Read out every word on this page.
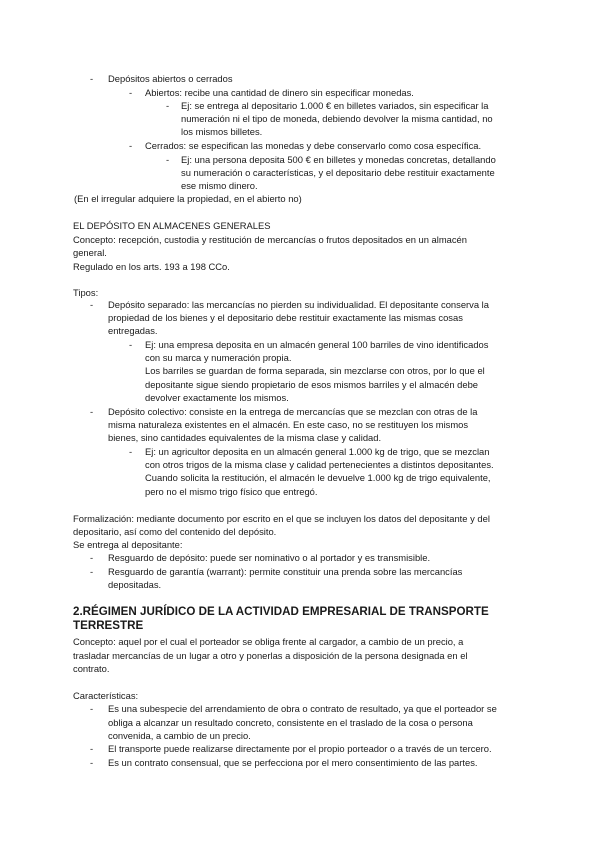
- Depósitos abiertos o cerrados
- Abiertos: recibe una cantidad de dinero sin especificar monedas.
- Ej: se entrega al depositario 1.000 € en billetes variados, sin especificar la
numeración ni el tipo de moneda, debiendo devolver la misma cantidad, no
los mismos billetes.
- Cerrados: se especifican las monedas y debe conservarlo como cosa específica.
- Ej: una persona deposita 500 € en billetes y monedas concretas, detallando
su numeración o características, y el depositario debe restituir exactamente
ese mismo dinero.
(En el irregular adquiere la propiedad, en el abierto no)
EL DEPÓSITO EN ALMACENES GENERALES
Concepto: recepción, custodia y restitución de mercancías o frutos depositados en un almacén
general.
Regulado en los arts. 193 a 198 CCo.
Tipos:
- Depósito separado: las mercancías no pierden su individualidad. El depositante conserva la
propiedad de los bienes y el depositario debe restituir exactamente las mismas cosas
entregadas.
- Ej: una empresa deposita en un almacén general 100 barriles de vino identificados
con su marca y numeración propia.
Los barriles se guardan de forma separada, sin mezclarse con otros, por lo que el
depositante sigue siendo propietario de esos mismos barriles y el almacén debe
devolver exactamente los mismos.
- Depósito colectivo: consiste en la entrega de mercancías que se mezclan con otras de la
misma naturaleza existentes en el almacén. En este caso, no se restituyen los mismos
bienes, sino cantidades equivalentes de la misma clase y calidad.
- Ej: un agricultor deposita en un almacén general 1.000 kg de trigo, que se mezclan
con otros trigos de la misma clase y calidad pertenecientes a distintos depositantes.
Cuando solicita la restitución, el almacén le devuelve 1.000 kg de trigo equivalente,
pero no el mismo trigo físico que entregó.
Formalización: mediante documento por escrito en el que se incluyen los datos del depositante y del
depositario, así como del contenido del depósito.
Se entrega al depositante:
- Resguardo de depósito: puede ser nominativo o al portador y es transmisible.
- Resguardo de garantía (warrant): permite constituir una prenda sobre las mercancías
depositadas.
2.RÉGIMEN JURÍDICO DE LA ACTIVIDAD EMPRESARIAL DE TRANSPORTE
TERRESTRE
Concepto: aquel por el cual el porteador se obliga frente al cargador, a cambio de un precio, a
trasladar mercancías de un lugar a otro y ponerlas a disposición de la persona designada en el
contrato.
Características:
- Es una subespecie del arrendamiento de obra o contrato de resultado, ya que el porteador se
obliga a alcanzar un resultado concreto, consistente en el traslado de la cosa o persona
convenida, a cambio de un precio.
- El transporte puede realizarse directamente por el propio porteador o a través de un tercero.
- Es un contrato consensual, que se perfecciona por el mero consentimiento de las partes.
